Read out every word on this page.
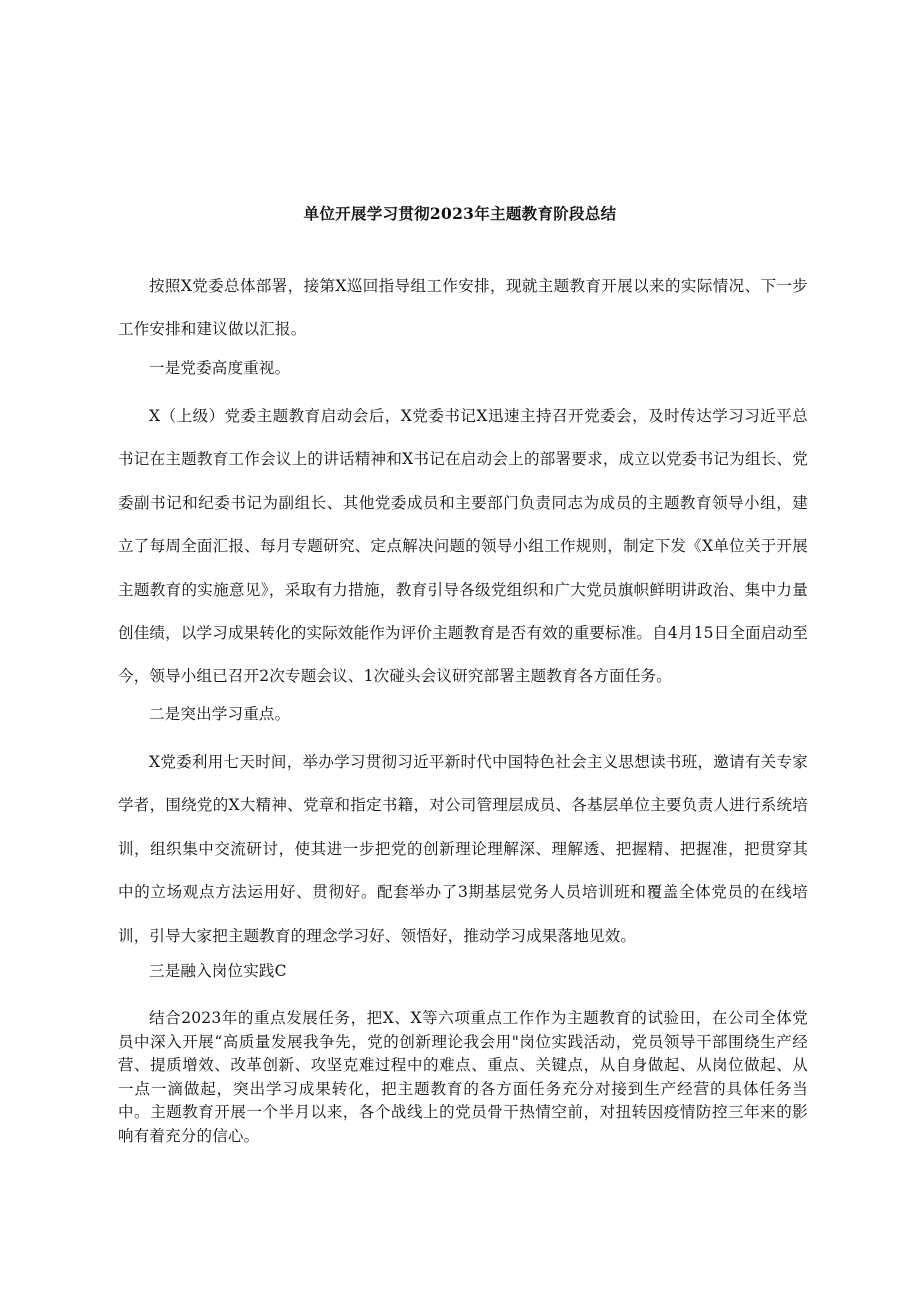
单位开展学习贯彻2023年主题教育阶段总结

按照X党委总体部署，接第X巡回指导组工作安排，现就主题教育开展以来的实际情况、下一步工作安排和建议做以汇报。

一是党委高度重视。

X（上级）党委主题教育启动会后，X党委书记X迅速主持召开党委会，及时传达学习习近平总书记在主题教育工作会议上的讲话精神和X书记在启动会上的部署要求，成立以党委书记为组长、党委副书记和纪委书记为副组长、其他党委成员和主要部门负责同志为成员的主题教育领导小组，建立了每周全面汇报、每月专题研究、定点解决问题的领导小组工作规则，制定下发《X单位关于开展主题教育的实施意见》，采取有力措施，教育引导各级党组织和广大党员旗帜鲜明讲政治、集中力量创佳绩，以学习成果转化的实际效能作为评价主题教育是否有效的重要标准。自4月15日全面启动至今，领导小组已召开2次专题会议、1次碰头会议研究部署主题教育各方面任务。

二是突出学习重点。

X党委利用七天时间，举办学习贯彻习近平新时代中国特色社会主义思想读书班，邀请有关专家学者，围绕党的X大精神、党章和指定书籍，对公司管理层成员、各基层单位主要负责人进行系统培训，组织集中交流研讨，使其进一步把党的创新理论理解深、理解透、把握精、把握准，把贯穿其中的立场观点方法运用好、贯彻好。配套举办了3期基层党务人员培训班和覆盖全体党员的在线培训，引导大家把主题教育的理念学习好、领悟好，推动学习成果落地见效。

三是融入岗位实践C

结合2023年的重点发展任务，把X、X等六项重点工作作为主题教育的试验田，在公司全体党员中深入开展“高质量发展我争先，党的创新理论我会用"岗位实践活动，党员领导干部围绕生产经营、提质增效、改革创新、攻坚克难过程中的难点、重点、关键点，从自身做起、从岗位做起、从一点一滴做起，突出学习成果转化，把主题教育的各方面任务充分对接到生产经营的具体任务当中。主题教育开展一个半月以来，各个战线上的党员骨干热情空前，对扭转因疫情防控三年来的影响有着充分的信心。
